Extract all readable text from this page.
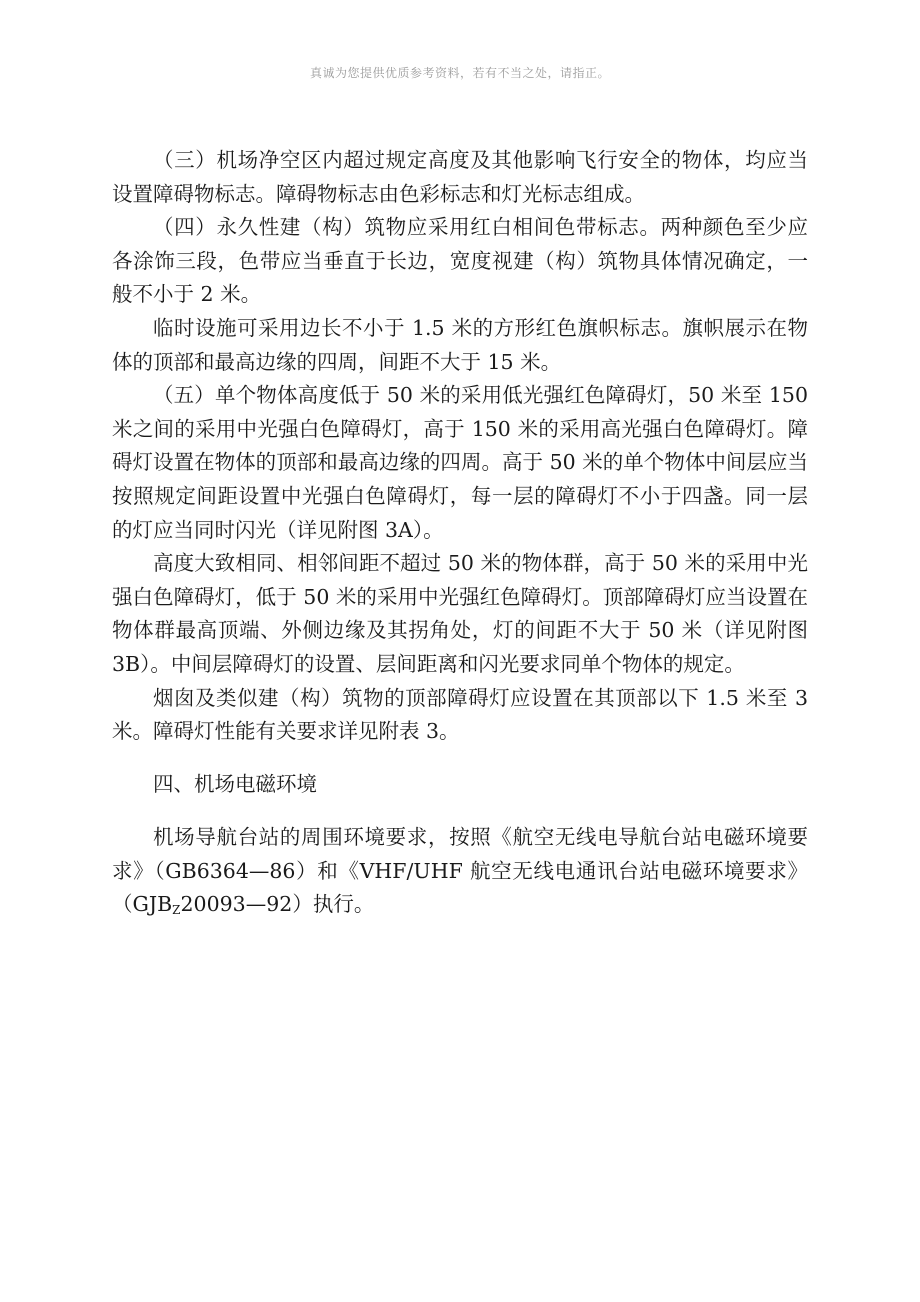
真诚为您提供优质参考资料，若有不当之处，请指正。

（三）机场净空区内超过规定高度及其他影响飞行安全的物体，均应当设置障碍物标志。障碍物标志由色彩标志和灯光标志组成。

（四）永久性建（构）筑物应采用红白相间色带标志。两种颜色至少应各涂饰三段，色带应当垂直于长边，宽度视建（构）筑物具体情况确定，一般不小于 2 米。

临时设施可采用边长不小于 1.5 米的方形红色旗帜标志。旗帜展示在物体的顶部和最高边缘的四周，间距不大于 15 米。

（五）单个物体高度低于 50 米的采用低光强红色障碍灯，50 米至 150 米之间的采用中光强白色障碍灯，高于 150 米的采用高光强白色障碍灯。障碍灯设置在物体的顶部和最高边缘的四周。高于 50 米的单个物体中间层应当按照规定间距设置中光强白色障碍灯，每一层的障碍灯不小于四盏。同一层的灯应当同时闪光（详见附图 3A）。

高度大致相同、相邻间距不超过 50 米的物体群，高于 50 米的采用中光强白色障碍灯，低于 50 米的采用中光强红色障碍灯。顶部障碍灯应当设置在物体群最高顶端、外侧边缘及其拐角处，灯的间距不大于 50 米（详见附图 3B）。中间层障碍灯的设置、层间距离和闪光要求同单个物体的规定。

烟囱及类似建（构）筑物的顶部障碍灯应设置在其顶部以下 1.5 米至 3 米。障碍灯性能有关要求详见附表 3。

四、机场电磁环境

机场导航台站的周围环境要求，按照《航空无线电导航台站电磁环境要求》（GB6364—86）和《VHF/UHF 航空无线电通讯台站电磁环境要求》$(GJB_Z20093—92)$执行。
